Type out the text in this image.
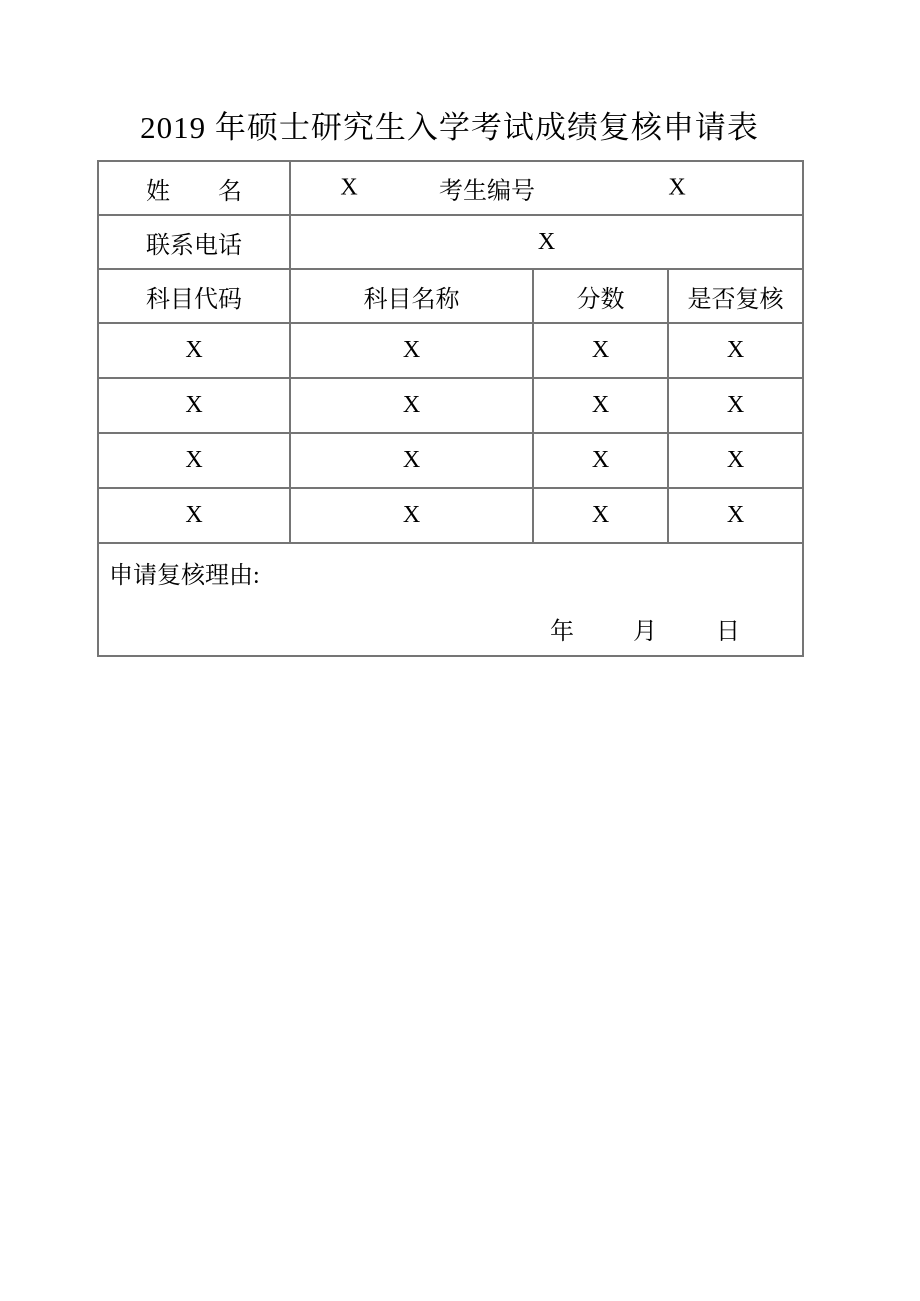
2019 年硕士研究生入学考试成绩复核申请表
姓　　名	X 考生编号 X		

联系电话	X		
科目代码	科目名称	分数	是否复核
X	X	X	X
X	X	X	X
X	X	X	X
X	X	X	X

申请复核理由:
年 月 日			
